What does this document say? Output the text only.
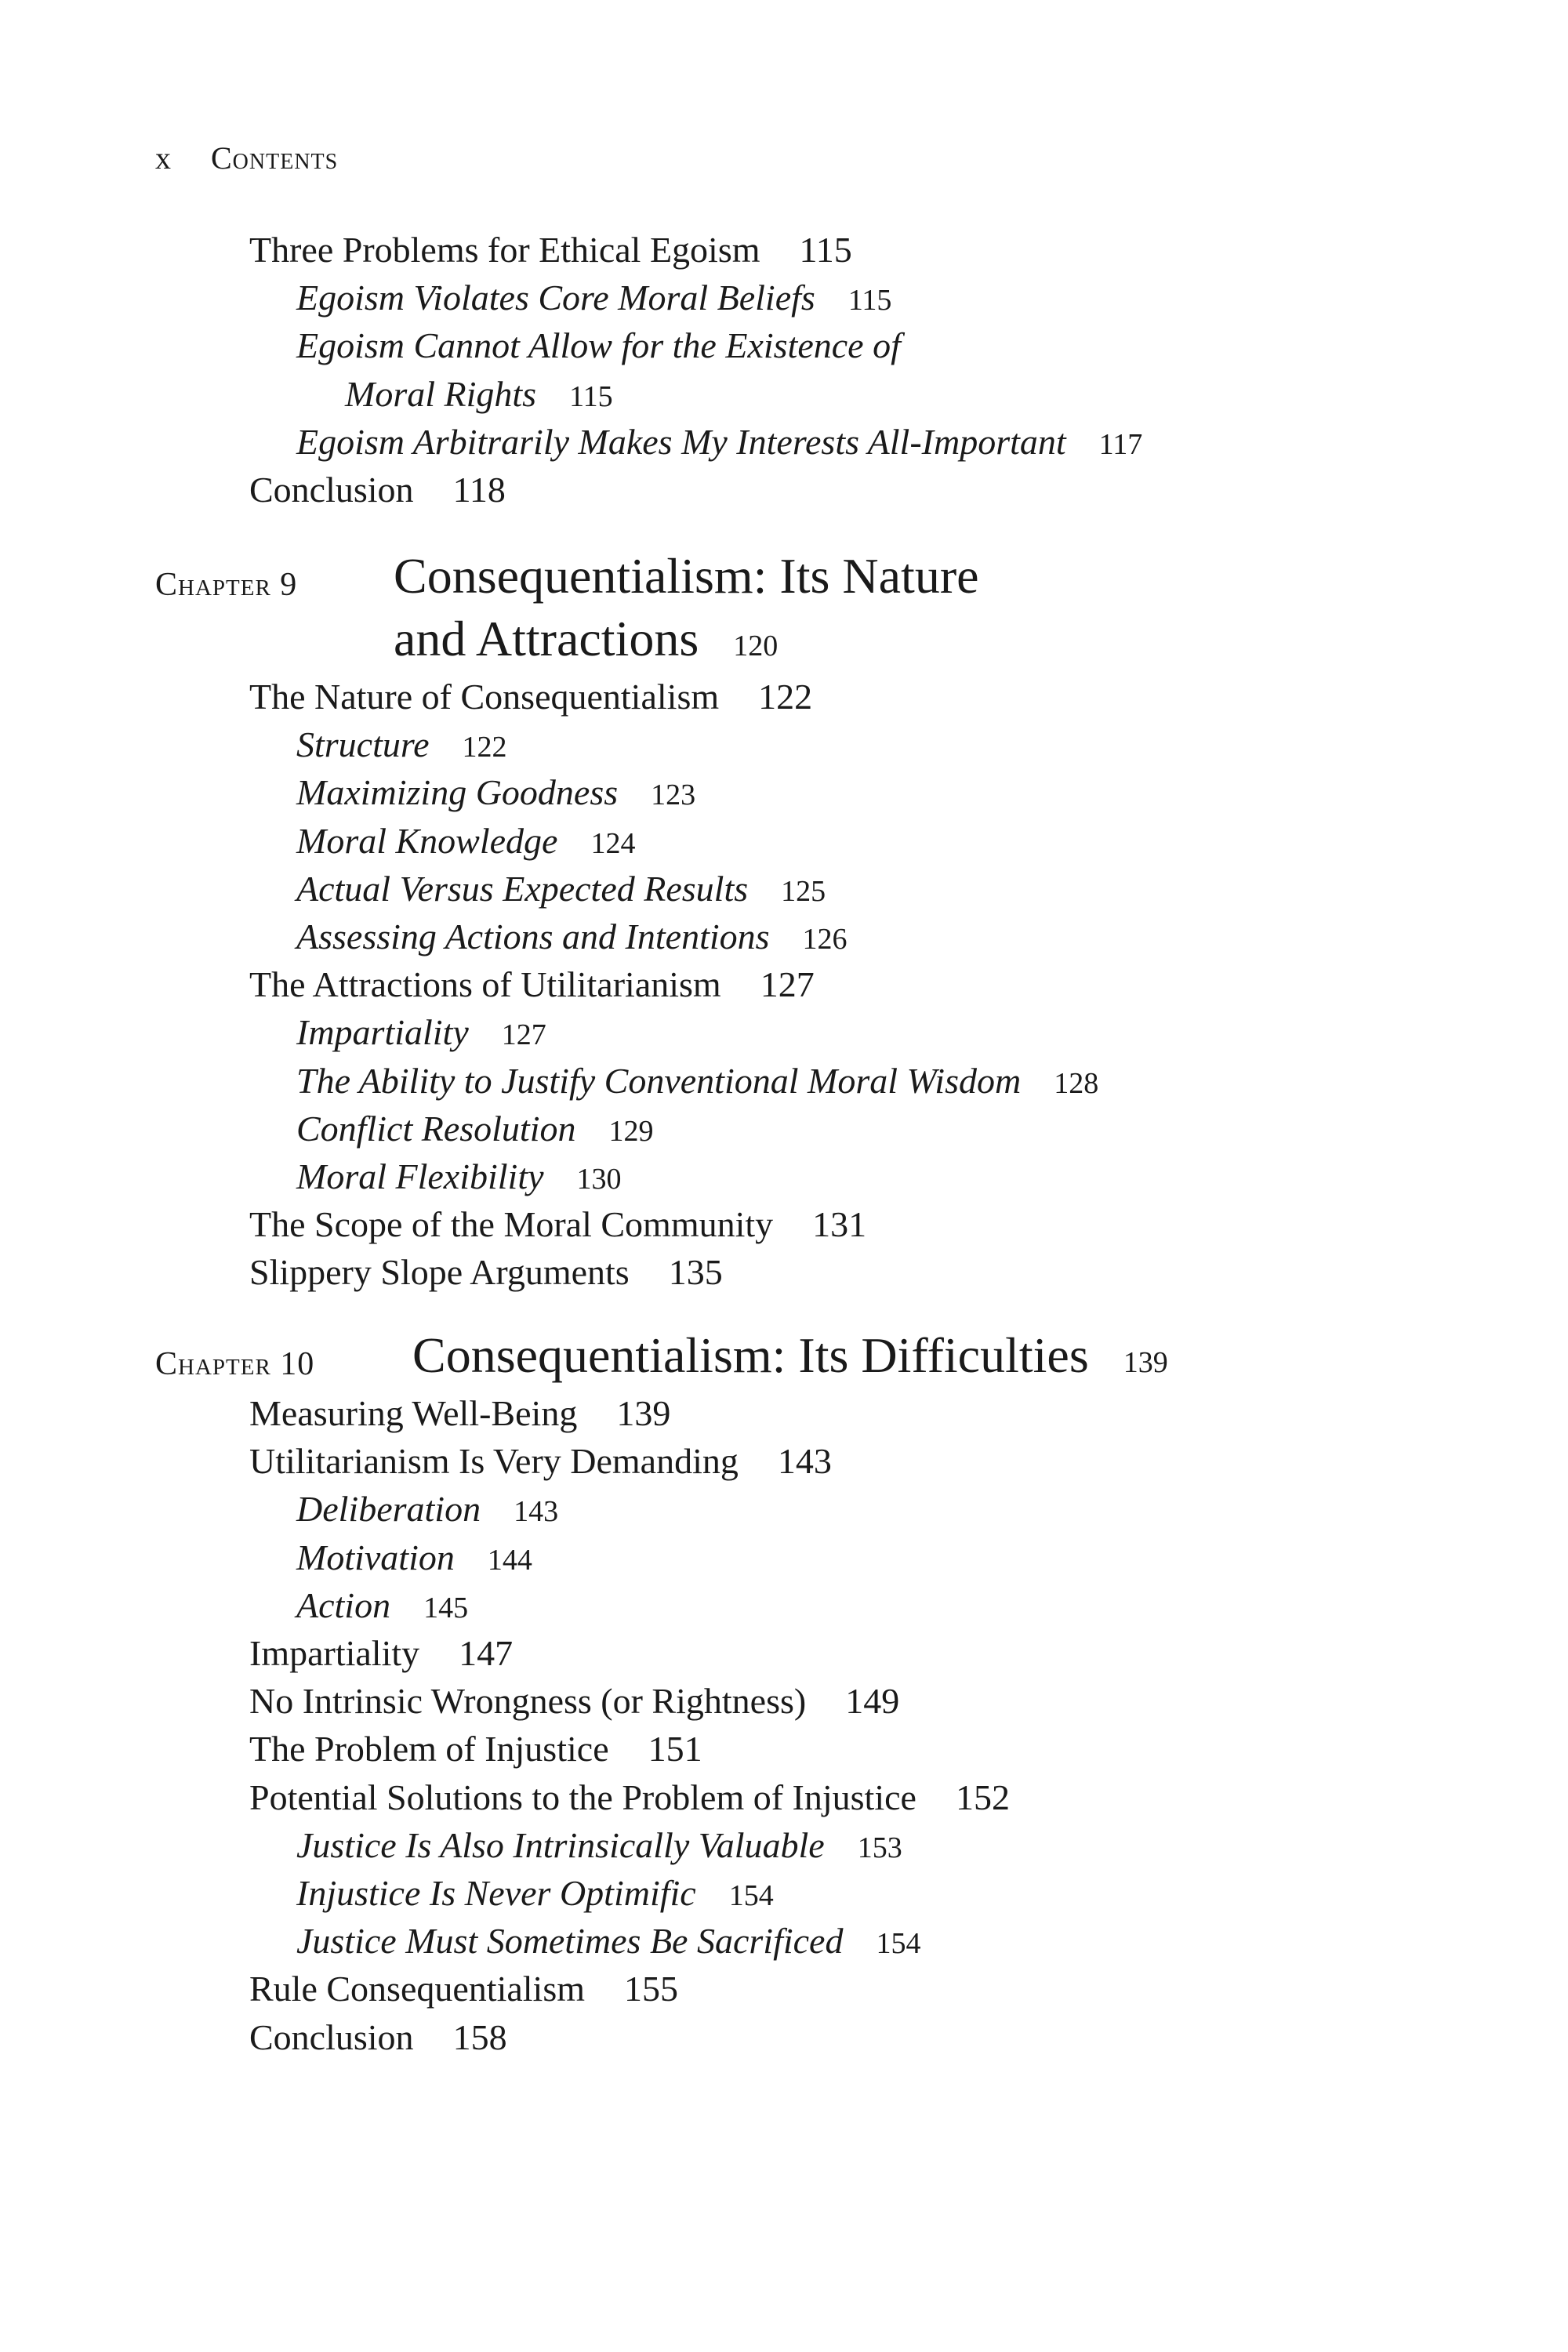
x Contents
Three Problems for Ethical Egoism 115
Egoism Violates Core Moral Beliefs 115
Egoism Cannot Allow for the Existence of
Moral Rights 115
Egoism Arbitrarily Makes My Interests All-Important 117
Conclusion 118
Chapter 9 Consequentialism: Its Nature
and Attractions 120
The Nature of Consequentialism 122
Structure 122
Maximizing Goodness 123
Moral Knowledge 124
Actual Versus Expected Results 125
Assessing Actions and Intentions 126
The Attractions of Utilitarianism 127
Impartiality 127
The Ability to Justify Conventional Moral Wisdom 128
Conflict Resolution 129
Moral Flexibility 130
The Scope of the Moral Community 131
Slippery Slope Arguments 135
Chapter 10 Consequentialism: Its Difficulties 139
Measuring Well-Being 139
Utilitarianism Is Very Demanding 143
Deliberation 143
Motivation 144
Action 145
Impartiality 147
No Intrinsic Wrongness (or Rightness) 149
The Problem of Injustice 151
Potential Solutions to the Problem of Injustice 152
Justice Is Also Intrinsically Valuable 153
Injustice Is Never Optimific 154
Justice Must Sometimes Be Sacrificed 154
Rule Consequentialism 155
Conclusion 158
